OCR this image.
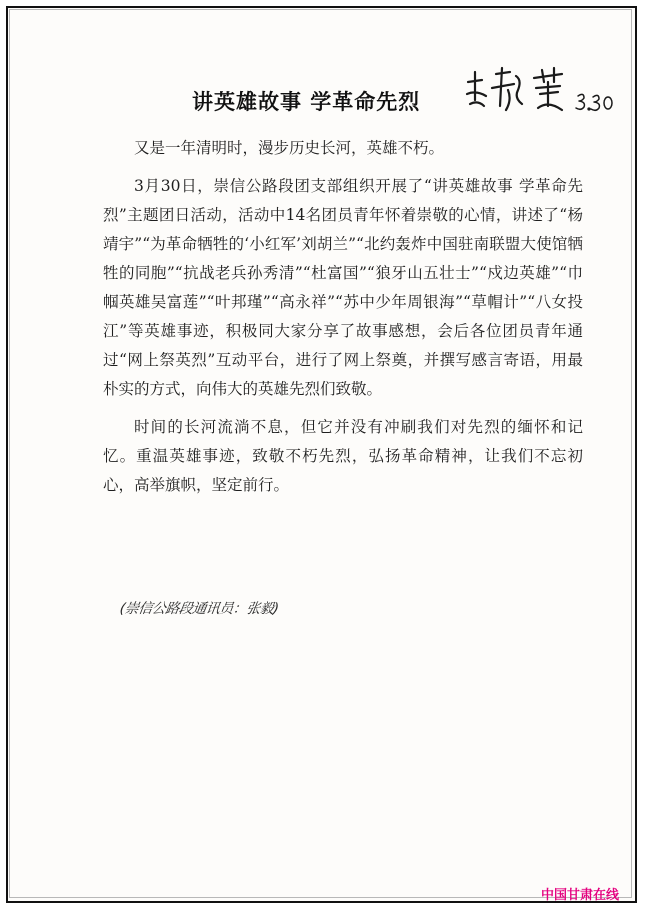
讲英雄故事 学革命先烈

又是一年清明时，漫步历史长河，英雄不朽。

3月30日，崇信公路段团支部组织开展了“讲英雄故事 学革命先烈”主题团日活动，活动中14名团员青年怀着崇敬的心情，讲述了“杨靖宇”“为革命牺牲的‘小红军’刘胡兰”“北约轰炸中国驻南联盟大使馆牺牲的同胞”“抗战老兵孙秀清”“杜富国”“狼牙山五壮士”“戍边英雄”“巾帼英雄吴富莲”“叶邦瑾”“高永祥”“苏中少年周银海”“草帽计”“八女投江”等英雄事迹，积极同大家分享了故事感想，会后各位团员青年通过“网上祭英烈”互动平台，进行了网上祭奠，并撰写感言寄语，用最朴实的方式，向伟大的英雄先烈们致敬。

时间的长河流淌不息，但它并没有冲刷我们对先烈的缅怀和记忆。重温英雄事迹，致敬不朽先烈，弘扬革命精神，让我们不忘初心，高举旗帜，坚定前行。

(崇信公路段通讯员：张毅)
中国甘肃在线
